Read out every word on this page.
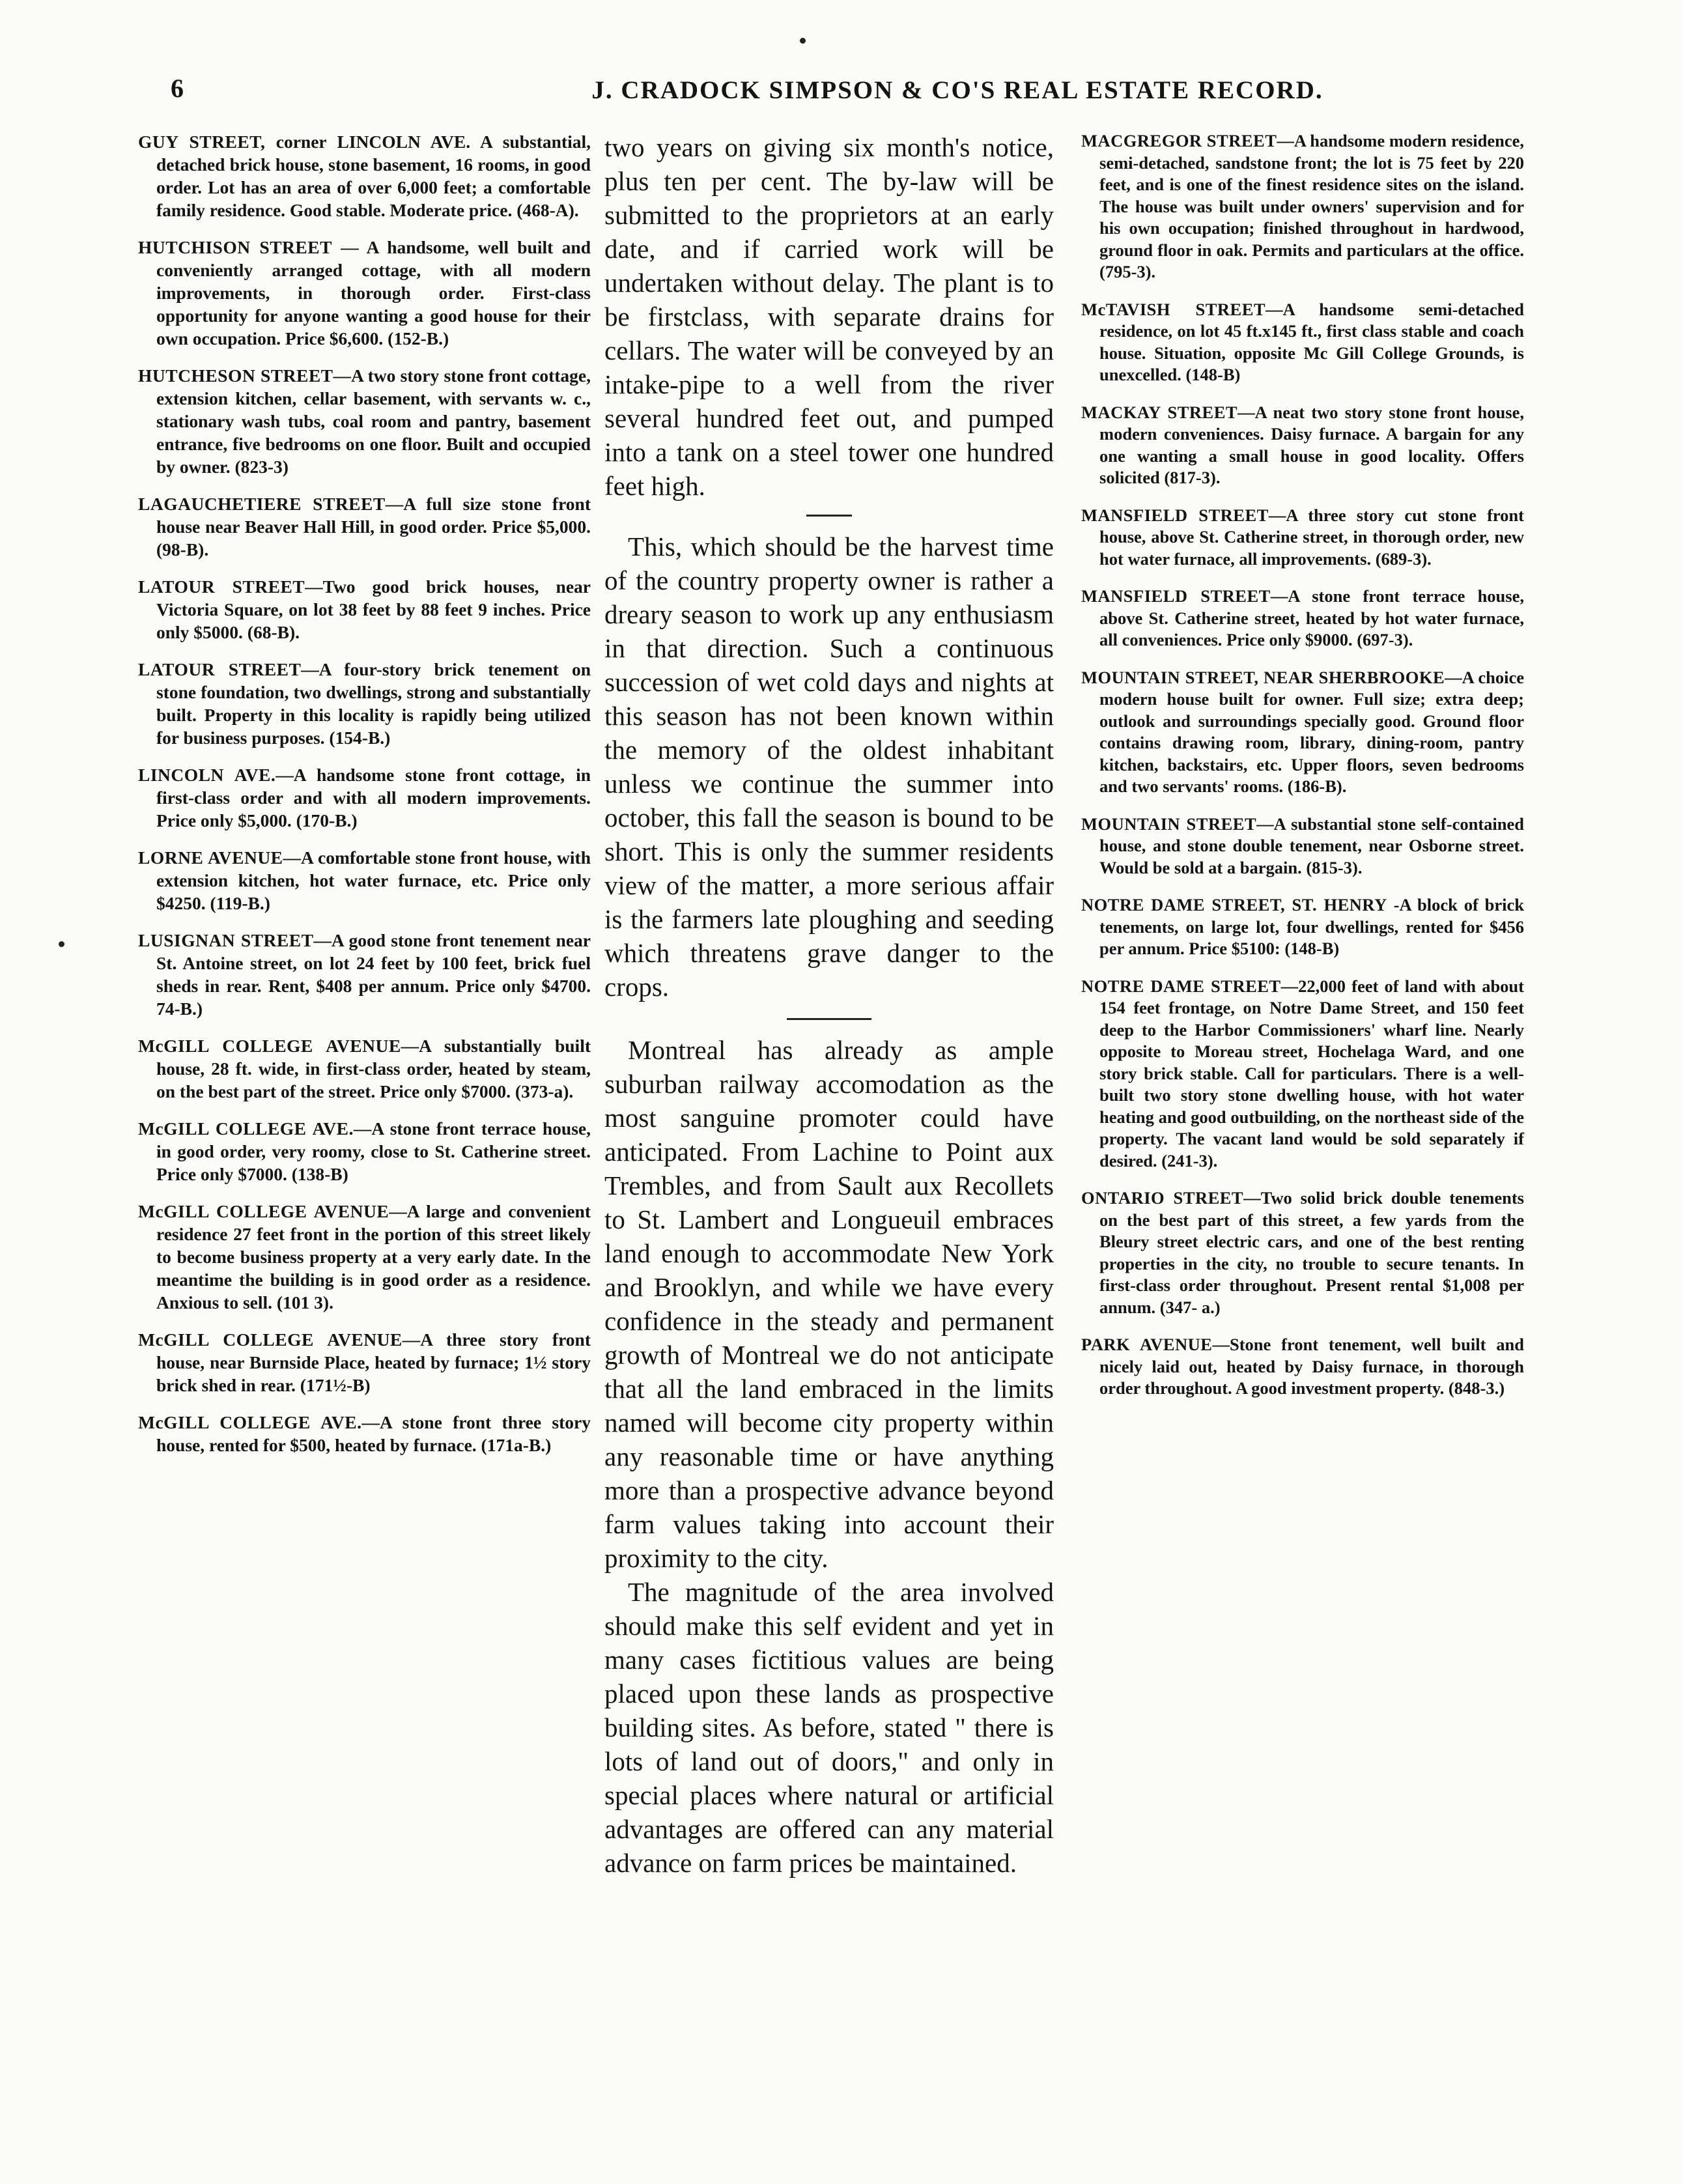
6	J. CRADOCK SIMPSON & CO'S REAL ESTATE RECORD.

GUY STREET, corner LINCOLN AVE. A substantial, detached brick house, stone basement, 16 rooms, in good order. Lot has an area of over 6,000 feet; a comfortable family residence. Good stable. Moderate price. (468-A).

HUTCHISON STREET — A handsome, well built and conveniently arranged cottage, with all modern improvements, in thorough order. First-class opportunity for anyone wanting a good house for their own occupation. Price $6,600. (152-B.)

HUTCHESON STREET—A two story stone front cottage, extension kitchen, cellar basement, with servants w. c., stationary wash tubs, coal room and pantry, basement entrance, five bedrooms on one floor. Built and occupied by owner. (823-3)

LAGAUCHETIERE STREET—A full size stone front house near Beaver Hall Hill, in good order. Price $5,000. (98-B).

LATOUR STREET—Two good brick houses, near Victoria Square, on lot 38 feet by 88 feet 9 inches. Price only $5000. (68-B).

LATOUR STREET—A four-story brick tenement on stone foundation, two dwellings, strong and substantially built. Property in this locality is rapidly being utilized for business purposes. (154-B.)

LINCOLN AVE.—A handsome stone front cottage, in first-class order and with all modern improvements. Price only $5,000. (170-B.)

LORNE AVENUE—A comfortable stone front house, with extension kitchen, hot water furnace, etc. Price only $4250. (119-B.)

LUSIGNAN STREET—A good stone front tenement near St. Antoine street, on lot 24 feet by 100 feet, brick fuel sheds in rear. Rent, $408 per annum. Price only $4700. 74-B.)

McGILL COLLEGE AVENUE—A substantially built house, 28 ft. wide, in first-class order, heated by steam, on the best part of the street. Price only $7000. (373-a).

McGILL COLLEGE AVE.—A stone front terrace house, in good order, very roomy, close to St. Catherine street. Price only $7000. (138-B)

McGILL COLLEGE AVENUE—A large and convenient residence 27 feet front in the portion of this street likely to become business property at a very early date. In the meantime the building is in good order as a residence. Anxious to sell. (101 3).

McGILL COLLEGE AVENUE—A three story front house, near Burnside Place, heated by furnace; 1½ story brick shed in rear. (171½-B)

McGILL COLLEGE AVE.—A stone front three story house, rented for $500, heated by furnace. (171a-B.)

two years on giving six month's notice, plus ten per cent. The by-law will be submitted to the proprietors at an early date, and if carried work will be undertaken without delay. The plant is to be firstclass, with separate drains for cellars. The water will be conveyed by an intake-pipe to a well from the river several hundred feet out, and pumped into a tank on a steel tower one hundred feet high.

This, which should be the harvest time of the country property owner is rather a dreary season to work up any enthusiasm in that direction. Such a continuous succession of wet cold days and nights at this season has not been known within the memory of the oldest inhabitant unless we continue the summer into october, this fall the season is bound to be short. This is only the summer residents view of the matter, a more serious affair is the farmers late ploughing and seeding which threatens grave danger to the crops.

Montreal has already as ample suburban railway accomodation as the most sanguine promoter could have anticipated. From Lachine to Point aux Trembles, and from Sault aux Recollets to St. Lambert and Longueuil embraces land enough to accommodate New York and Brooklyn, and while we have every confidence in the steady and permanent growth of Montreal we do not anticipate that all the land embraced in the limits named will become city property within any reasonable time or have anything more than a prospective advance beyond farm values taking into account their proximity to the city.

The magnitude of the area involved should make this self evident and yet in many cases fictitious values are being placed upon these lands as prospective building sites. As before, stated " there is lots of land out of doors," and only in special places where natural or artificial advantages are offered can any material advance on farm prices be maintained.

MACGREGOR STREET—A handsome modern residence, semi-detached, sandstone front; the lot is 75 feet by 220 feet, and is one of the finest residence sites on the island. The house was built under owners' supervision and for his own occupation; finished throughout in hardwood, ground floor in oak. Permits and particulars at the office. (795-3).

McTAVISH STREET—A handsome semi-detached residence, on lot 45 ft.x145 ft., first class stable and coach house. Situation, opposite Mc Gill College Grounds, is unexcelled. (148-B)

MACKAY STREET—A neat two story stone front house, modern conveniences. Daisy furnace. A bargain for any one wanting a small house in good locality. Offers solicited (817-3).

MANSFIELD STREET—A three story cut stone front house, above St. Catherine street, in thorough order, new hot water furnace, all improvements. (689-3).

MANSFIELD STREET—A stone front terrace house, above St. Catherine street, heated by hot water furnace, all conveniences. Price only $9000. (697-3).

MOUNTAIN STREET, NEAR SHERBROOKE—A choice modern house built for owner. Full size; extra deep; outlook and surroundings specially good. Ground floor contains drawing room, library, dining-room, pantry kitchen, backstairs, etc. Upper floors, seven bedrooms and two servants' rooms. (186-B).

MOUNTAIN STREET—A substantial stone self-contained house, and stone double tenement, near Osborne street. Would be sold at a bargain. (815-3).

NOTRE DAME STREET, ST. HENRY -A block of brick tenements, on large lot, four dwellings, rented for $456 per annum. Price $5100: (148-B)

NOTRE DAME STREET—22,000 feet of land with about 154 feet frontage, on Notre Dame Street, and 150 feet deep to the Harbor Commissioners' wharf line. Nearly opposite to Moreau street, Hochelaga Ward, and one story brick stable. Call for particulars. There is a well-built two story stone dwelling house, with hot water heating and good outbuilding, on the northeast side of the property. The vacant land would be sold separately if desired. (241-3).

ONTARIO STREET—Two solid brick double tenements on the best part of this street, a few yards from the Bleury street electric cars, and one of the best renting properties in the city, no trouble to secure tenants. In first-class order throughout. Present rental $1,008 per annum. (347- a.)

PARK AVENUE—Stone front tenement, well built and nicely laid out, heated by Daisy furnace, in thorough order throughout. A good investment property. (848-3.)
